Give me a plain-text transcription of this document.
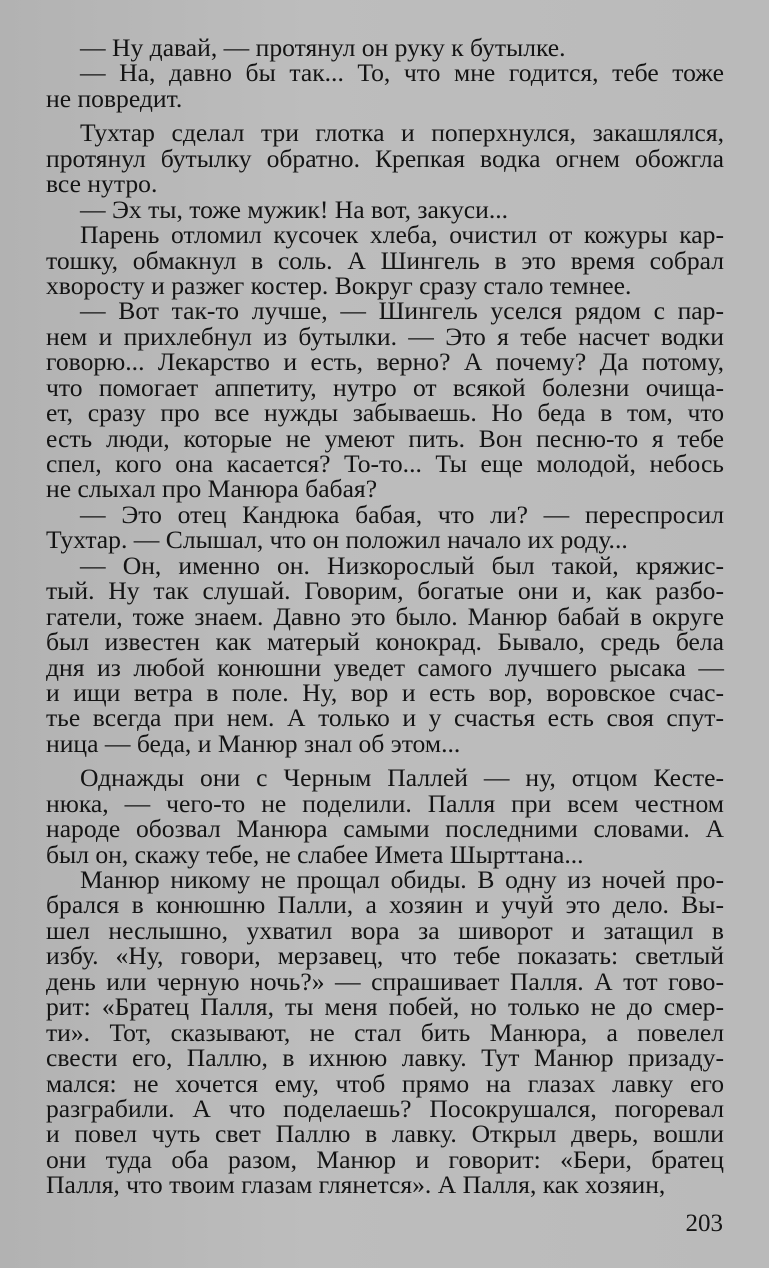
— Ну давай, — протянул он руку к бутылке.
— На, давно бы так... То, что мне годится, тебе тоже
не повредит.
Тухтар сделал три глотка и поперхнулся, закашлялся,
протянул бутылку обратно. Крепкая водка огнем обожгла
все нутро.
— Эх ты, тоже мужик! На вот, закуси...
Парень отломил кусочек хлеба, очистил от кожуры кар-
тошку, обмакнул в соль. А Шингель в это время собрал
хворосту и разжег костер. Вокруг сразу стало темнее.
— Вот так-то лучше, — Шингель уселся рядом с пар-
нем и прихлебнул из бутылки. — Это я тебе насчет водки
говорю... Лекарство и есть, верно? А почему? Да потому,
что помогает аппетиту, нутро от всякой болезни очища-
ет, сразу про все нужды забываешь. Но беда в том, что
есть люди, которые не умеют пить. Вон песню-то я тебе
спел, кого она касается? То-то... Ты еще молодой, небось
не слыхал про Манюра бабая?
— Это отец Кандюка бабая, что ли? — переспросил
Тухтар. — Слышал, что он положил начало их роду...
— Он, именно он. Низкорослый был такой, кряжис-
тый. Ну так слушай. Говорим, богатые они и, как разбо-
гатели, тоже знаем. Давно это было. Манюр бабай в округе
был известен как матерый конокрад. Бывало, средь бела
дня из любой конюшни уведет самого лучшего рысака —
и ищи ветра в поле. Ну, вор и есть вор, воровское счас-
тье всегда при нем. А только и у счастья есть своя спут-
ница — беда, и Манюр знал об этом...
Однажды они с Черным Паллей — ну, отцом Кесте-
нюка, — чего-то не поделили. Палля при всем честном
народе обозвал Манюра самыми последними словами. А
был он, скажу тебе, не слабее Имета Шырттана...
Манюр никому не прощал обиды. В одну из ночей про-
брался в конюшню Палли, а хозяин и учуй это дело. Вы-
шел неслышно, ухватил вора за шиворот и затащил в
избу. «Ну, говори, мерзавец, что тебе показать: светлый
день или черную ночь?» — спрашивает Палля. А тот гово-
рит: «Братец Палля, ты меня побей, но только не до смер-
ти». Тот, сказывают, не стал бить Манюра, а повелел
свести его, Паллю, в ихнюю лавку. Тут Манюр призаду-
мался: не хочется ему, чтоб прямо на глазах лавку его
разграбили. А что поделаешь? Посокрушался, погоревал
и повел чуть свет Паллю в лавку. Открыл дверь, вошли
они туда оба разом, Манюр и говорит: «Бери, братец
Палля, что твоим глазам глянется». А Палля, как хозяин,
203
